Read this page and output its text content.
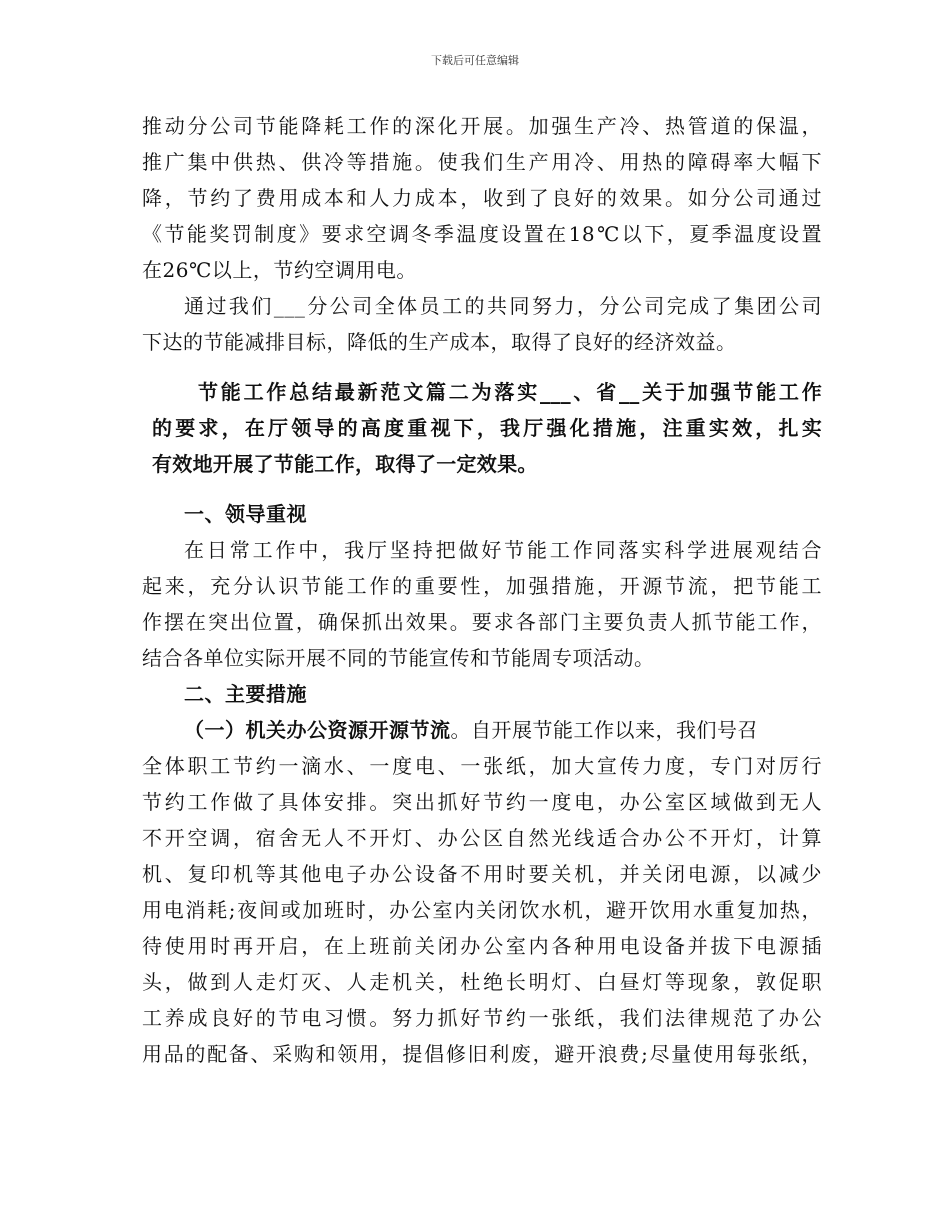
下载后可任意编辑
推动分公司节能降耗工作的深化开展。加强生产冷、热管道的保温，
推广集中供热、供冷等措施。使我们生产用冷、用热的障碍率大幅下
降，节约了费用成本和人力成本，收到了良好的效果。如分公司通过
《节能奖罚制度》要求空调冬季温度设置在18℃以下，夏季温度设置
在26℃以上，节约空调用电。
通过我们___分公司全体员工的共同努力，分公司完成了集团公司
下达的节能减排目标，降低的生产成本，取得了良好的经济效益。
节能工作总结最新范文篇二为落实___、省__关于加强节能工作
的要求，在厅领导的高度重视下，我厅强化措施，注重实效，扎实
有效地开展了节能工作，取得了一定效果。
一、领导重视
在日常工作中，我厅坚持把做好节能工作同落实科学进展观结合
起来，充分认识节能工作的重要性，加强措施，开源节流，把节能工
作摆在突出位置，确保抓出效果。要求各部门主要负责人抓节能工作，
结合各单位实际开展不同的节能宣传和节能周专项活动。
二、主要措施
（一）机关办公资源开源节流。自开展节能工作以来，我们号召
全体职工节约一滴水、一度电、一张纸，加大宣传力度，专门对厉行
节约工作做了具体安排。突出抓好节约一度电，办公室区域做到无人
不开空调，宿舍无人不开灯、办公区自然光线适合办公不开灯，计算
机、复印机等其他电子办公设备不用时要关机，并关闭电源，以减少
用电消耗;夜间或加班时，办公室内关闭饮水机，避开饮用水重复加热，
待使用时再开启，在上班前关闭办公室内各种用电设备并拔下电源插
头，做到人走灯灭、人走机关，杜绝长明灯、白昼灯等现象，敦促职
工养成良好的节电习惯。努力抓好节约一张纸，我们法律规范了办公
用品的配备、采购和领用，提倡修旧利废，避开浪费;尽量使用每张纸，
